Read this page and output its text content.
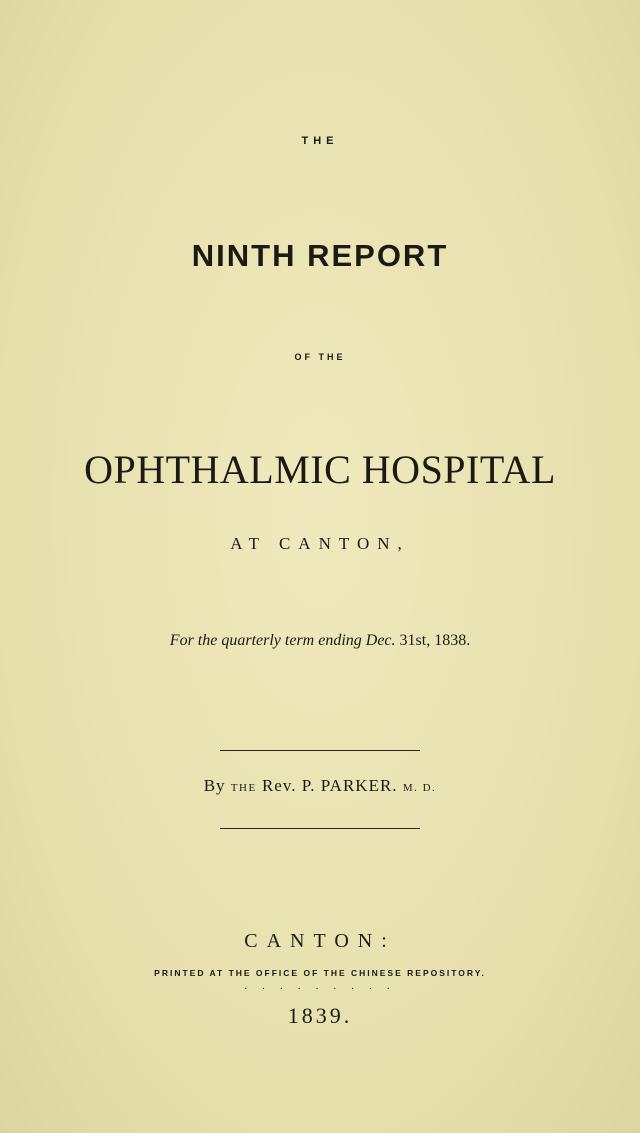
THE
NINTH REPORT
OF THE
OPHTHALMIC HOSPITAL
AT CANTON,
For the quarterly term ending Dec. 31st, 1838.
By THE Rev. P. PARKER. M. D.
CANTON:
PRINTED AT THE OFFICE OF THE CHINESE REPOSITORY.
· · · · · · · · ·
1839.
